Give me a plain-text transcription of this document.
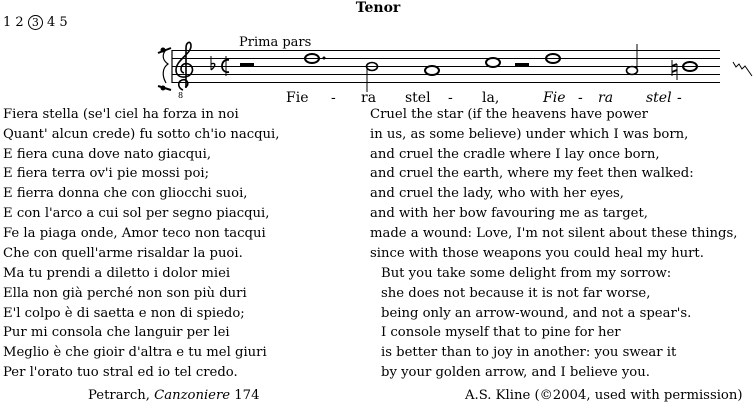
Tenor
1 2 3 4 5
Prima pars
8	Fie - ra stel - la,	Fie - ra stel -
Fiera stella (se'l ciel ha forza in noi
Quant' alcun crede) fu sotto ch'io nacqui,
E fiera cuna dove nato giacqui,
E fiera terra ov'i pie mossi poi;
E fierra donna che con gliocchi suoi,
E con l'arco a cui sol per segno piacqui,
Fe la piaga onde, Amor teco non tacqui
Che con quell'arme risaldar la puoi.
Ma tu prendi a diletto i dolor miei
Ella non già perché non son più duri
E'l colpo è di saetta e non di spiedo;
Pur mi consola che languir per lei
Meglio è che gioir d'altra e tu mel giuri
Per l'orato tuo stral ed io tel credo.
Cruel the star (if the heavens have power
in us, as some believe) under which I was born,
and cruel the cradle where I lay once born,
and cruel the earth, where my feet then walked:
and cruel the lady, who with her eyes,
and with her bow favouring me as target,
made a wound: Love, I'm not silent about these things,
since with those weapons you could heal my hurt.
But you take some delight from my sorrow:
she does not because it is not far worse,
being only an arrow-wound, and not a spear's.
I console myself that to pine for her
is better than to joy in another: you swear it
by your golden arrow, and I believe you.
Petrarch, Canzoniere 174	A.S. Kline (©2004, used with permission)
